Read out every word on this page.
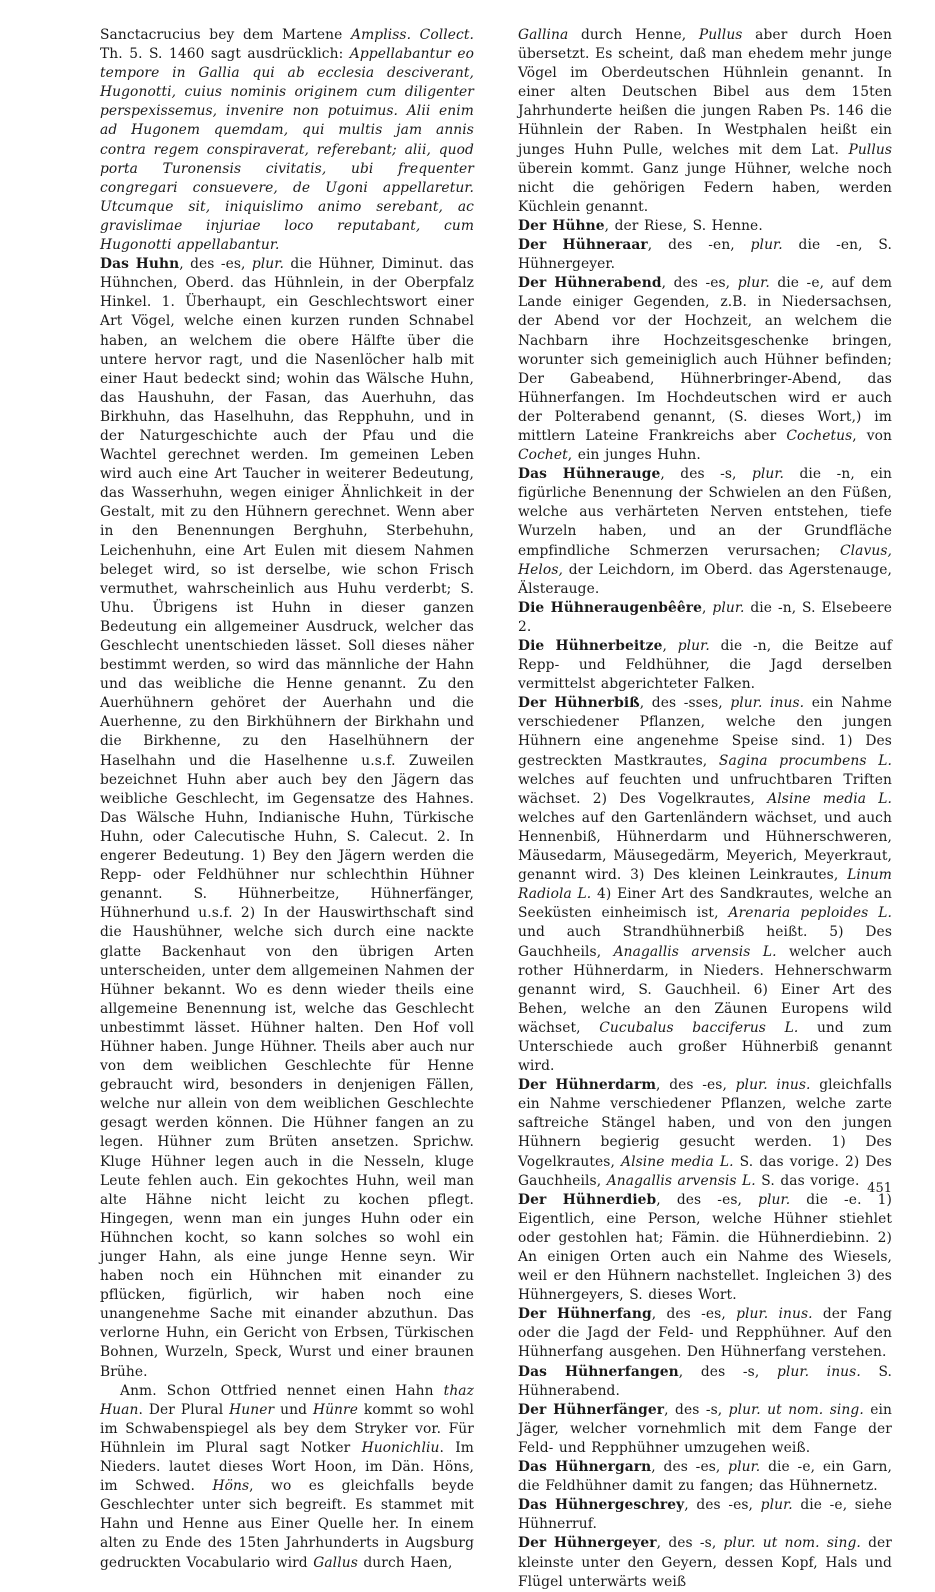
Sanctacrucius bey dem Martene Ampliss. Collect. Th. 5. S. 1460 sagt ausdrücklich: Appellabantur eo tempore in Gallia qui ab ecclesia desciverant, Hugonotti, cuius nominis originem cum diligenter perspexissemus, invenire non potuimus. Alii enim ad Hugonem quemdam, qui multis jam annis contra regem conspiraverat, referebant; alii, quod porta Turonensis civitatis, ubi frequenter congregari consuevere, de Ugoni appellaretur. Utcumque sit, iniquislimo animo serebant, ac gravislimae injuriae loco reputabant, cum Hugonotti appellabantur.

Das Huhn, des -es, plur. die Hühner, Diminut. das Hühnchen, Oberd. das Hühnlein, in der Oberpfalz Hinkel. 1. Überhaupt, ein Geschlechtswort einer Art Vögel, welche einen kurzen runden Schnabel haben, an welchem die obere Hälfte über die untere hervor ragt, und die Nasenlöcher halb mit einer Haut bedeckt sind; wohin das Wälsche Huhn, das Haushuhn, der Fasan, das Auerhuhn, das Birkhuhn, das Haselhuhn, das Repphuhn, und in der Naturgeschichte auch der Pfau und die Wachtel gerechnet werden. Im gemeinen Leben wird auch eine Art Taucher in weiterer Bedeutung, das Wasserhuhn, wegen einiger Ähnlichkeit in der Gestalt, mit zu den Hühnern gerechnet. Wenn aber in den Benennungen Berghuhn, Sterbehuhn, Leichenhuhn, eine Art Eulen mit diesem Nahmen beleget wird, so ist derselbe, wie schon Frisch vermuthet, wahrscheinlich aus Huhu verderbt; S. Uhu. Übrigens ist Huhn in dieser ganzen Bedeutung ein allgemeiner Ausdruck, welcher das Geschlecht unentschieden lässet. Soll dieses näher bestimmt werden, so wird das männliche der Hahn und das weibliche die Henne genannt. Zu den Auerhühnern gehöret der Auerhahn und die Auerhenne, zu den Birkhühnern der Birkhahn und die Birkhenne, zu den Haselhühnern der Haselhahn und die Haselhenne u.s.f. Zuweilen bezeichnet Huhn aber auch bey den Jägern das weibliche Geschlecht, im Gegensatze des Hahnes. Das Wälsche Huhn, Indianische Huhn, Türkische Huhn, oder Calecutische Huhn, S. Calecut. 2. In engerer Bedeutung. 1) Bey den Jägern werden die Repp- oder Feldhühner nur schlechthin Hühner genannt. S. Hühnerbeitze, Hühnerfänger, Hühnerhund u.s.f. 2) In der Hauswirthschaft sind die Haushühner, welche sich durch eine nackte glatte Backenhaut von den übrigen Arten unterscheiden, unter dem allgemeinen Nahmen der Hühner bekannt. Wo es denn wieder theils eine allgemeine Benennung ist, welche das Geschlecht unbestimmt lässet. Hühner halten. Den Hof voll Hühner haben. Junge Hühner. Theils aber auch nur von dem weiblichen Geschlechte für Henne gebraucht wird, besonders in denjenigen Fällen, welche nur allein von dem weiblichen Geschlechte gesagt werden können. Die Hühner fangen an zu legen. Hühner zum Brüten ansetzen. Sprichw. Kluge Hühner legen auch in die Nesseln, kluge Leute fehlen auch. Ein gekochtes Huhn, weil man alte Hähne nicht leicht zu kochen pflegt. Hingegen, wenn man ein junges Huhn oder ein Hühnchen kocht, so kann solches so wohl ein junger Hahn, als eine junge Henne seyn. Wir haben noch ein Hühnchen mit einander zu pflücken, figürlich, wir haben noch eine unangenehme Sache mit einander abzuthun. Das verlorne Huhn, ein Gericht von Erbsen, Türkischen Bohnen, Wurzeln, Speck, Wurst und einer braunen Brühe.

Anm. Schon Ottfried nennet einen Hahn thaz Huan. Der Plural Huner und Hünre kommt so wohl im Schwabenspiegel als bey dem Stryker vor. Für Hühnlein im Plural sagt Notker Huonichliu. Im Nieders. lautet dieses Wort Hoon, im Dän. Höns, im Schwed. Höns, wo es gleichfalls beyde Geschlechter unter sich begreift. Es stammet mit Hahn und Henne aus Einer Quelle her. In einem alten zu Ende des 15ten Jahrhunderts in Augsburg gedruckten Vocabulario wird Gallus durch Haen,

Gallina durch Henne, Pullus aber durch Hoen übersetzt. Es scheint, daß man ehedem mehr junge Vögel im Oberdeutschen Hühnlein genannt. In einer alten Deutschen Bibel aus dem 15ten Jahrhunderte heißen die jungen Raben Ps. 146 die Hühnlein der Raben. In Westphalen heißt ein junges Huhn Pulle, welches mit dem Lat. Pullus überein kommt. Ganz junge Hühner, welche noch nicht die gehörigen Federn haben, werden Küchlein genannt.

Der Hühne, der Riese, S. Henne.

Der Hühneraar, des -en, plur. die -en, S. Hühnergeyer.

Der Hühnerabend, des -es, plur. die -e, auf dem Lande einiger Gegenden, z.B. in Niedersachsen, der Abend vor der Hochzeit, an welchem die Nachbarn ihre Hochzeitsgeschenke bringen, worunter sich gemeiniglich auch Hühner befinden; Der Gabeabend, Hühnerbringer-Abend, das Hühnerfangen. Im Hochdeutschen wird er auch der Polterabend genannt, (S. dieses Wort,) im mittlern Lateine Frankreichs aber Cochetus, von Cochet, ein junges Huhn.

Das Hühnerauge, des -s, plur. die -n, ein figürliche Benennung der Schwielen an den Füßen, welche aus verhärteten Nerven entstehen, tiefe Wurzeln haben, und an der Grundfläche empfindliche Schmerzen verursachen; Clavus, Helos, der Leichdorn, im Oberd. das Agerstenauge, Älsterauge.

Die Hühneraugenbêêre, plur. die -n, S. Elsebeere 2.

Die Hühnerbeitze, plur. die -n, die Beitze auf Repp- und Feldhühner, die Jagd derselben vermittelst abgerichteter Falken.

Der Hühnerbiß, des -sses, plur. inus. ein Nahme verschiedener Pflanzen, welche den jungen Hühnern eine angenehme Speise sind. 1) Des gestreckten Mastkrautes, Sagina procumbens L. welches auf feuchten und unfruchtbaren Triften wächset. 2) Des Vogelkrautes, Alsine media L. welches auf den Gartenländern wächset, und auch Hennenbiß, Hühnerdarm und Hühnerschweren, Mäusedarm, Mäusegedärm, Meyerich, Meyerkraut, genannt wird. 3) Des kleinen Leinkrautes, Linum Radiola L. 4) Einer Art des Sandkrautes, welche an Seeküsten einheimisch ist, Arenaria peploides L. und auch Strandhühnerbiß heißt. 5) Des Gauchheils, Anagallis arvensis L. welcher auch rother Hühnerdarm, in Nieders. Hehnerschwarm genannt wird, S. Gauchheil. 6) Einer Art des Behen, welche an den Zäunen Europens wild wächset, Cucubalus bacciferus L. und zum Unterschiede auch großer Hühnerbiß genannt wird.

Der Hühnerdarm, des -es, plur. inus. gleichfalls ein Nahme verschiedener Pflanzen, welche zarte saftreiche Stängel haben, und von den jungen Hühnern begierig gesucht werden. 1) Des Vogelkrautes, Alsine media L. S. das vorige. 2) Des Gauchheils, Anagallis arvensis L. S. das vorige.

Der Hühnerdieb, des -es, plur. die -e. 1) Eigentlich, eine Person, welche Hühner stiehlet oder gestohlen hat; Fämin. die Hühnerdiebinn. 2) An einigen Orten auch ein Nahme des Wiesels, weil er den Hühnern nachstellet. Ingleichen 3) des Hühnergeyers, S. dieses Wort.

Der Hühnerfang, des -es, plur. inus. der Fang oder die Jagd der Feld- und Repphühner. Auf den Hühnerfang ausgehen. Den Hühnerfang verstehen.

Das Hühnerfangen, des -s, plur. inus. S. Hühnerabend.

Der Hühnerfänger, des -s, plur. ut nom. sing. ein Jäger, welcher vornehmlich mit dem Fange der Feld- und Repphühner umzugehen weiß.

Das Hühnergarn, des -es, plur. die -e, ein Garn, die Feldhühner damit zu fangen; das Hühnernetz.

Das Hühnergeschrey, des -es, plur. die -e, siehe Hühnerruf.

Der Hühnergeyer, des -s, plur. ut nom. sing. der kleinste unter den Geyern, dessen Kopf, Hals und Flügel unterwärts weiß

451
